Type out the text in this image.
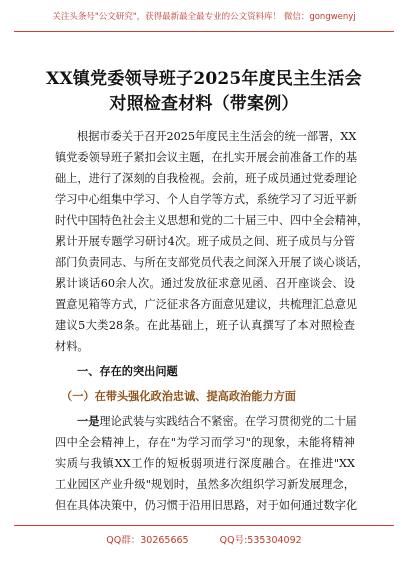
关注头条号"公文研究"，获得最新最全最专业的公文资料库！ 微信：gongwenyj
XX镇党委领导班子2025年度民主生活会
对照检查材料（带案例）
根据市委关于召开2025年度民主生活会的统一部署，XX
镇党委领导班子紧扣会议主题，在扎实开展会前准备工作的基
础上，进行了深刻的自我检视。会前，班子成员通过党委理论
学习中心组集中学习、个人自学等方式，系统学习了习近平新
时代中国特色社会主义思想和党的二十届三中、四中全会精神，
累计开展专题学习研讨4次。班子成员之间、班子成员与分管
部门负责同志、与所在支部党员代表之间深入开展了谈心谈话，
累计谈话60余人次。通过发放征求意见函、召开座谈会、设
置意见箱等方式，广泛征求各方面意见建议，共梳理汇总意见
建议5大类28条。在此基础上，班子认真撰写了本对照检查
材料。
一、存在的突出问题
（一）在带头强化政治忠诚、提高政治能力方面
一是理论武装与实践结合不紧密。在学习贯彻党的二十届
四中全会精神上，存在"为学习而学习"的现象，未能将精神
实质与我镇XX工作的短板弱项进行深度融合。在推进"XX
工业园区产业升级"规划时，虽然多次组织学习新发展理念，
但在具体决策中，仍习惯于沿用旧思路，对于如何通过数字化
QQ群：30265665	QQ号:535304092
